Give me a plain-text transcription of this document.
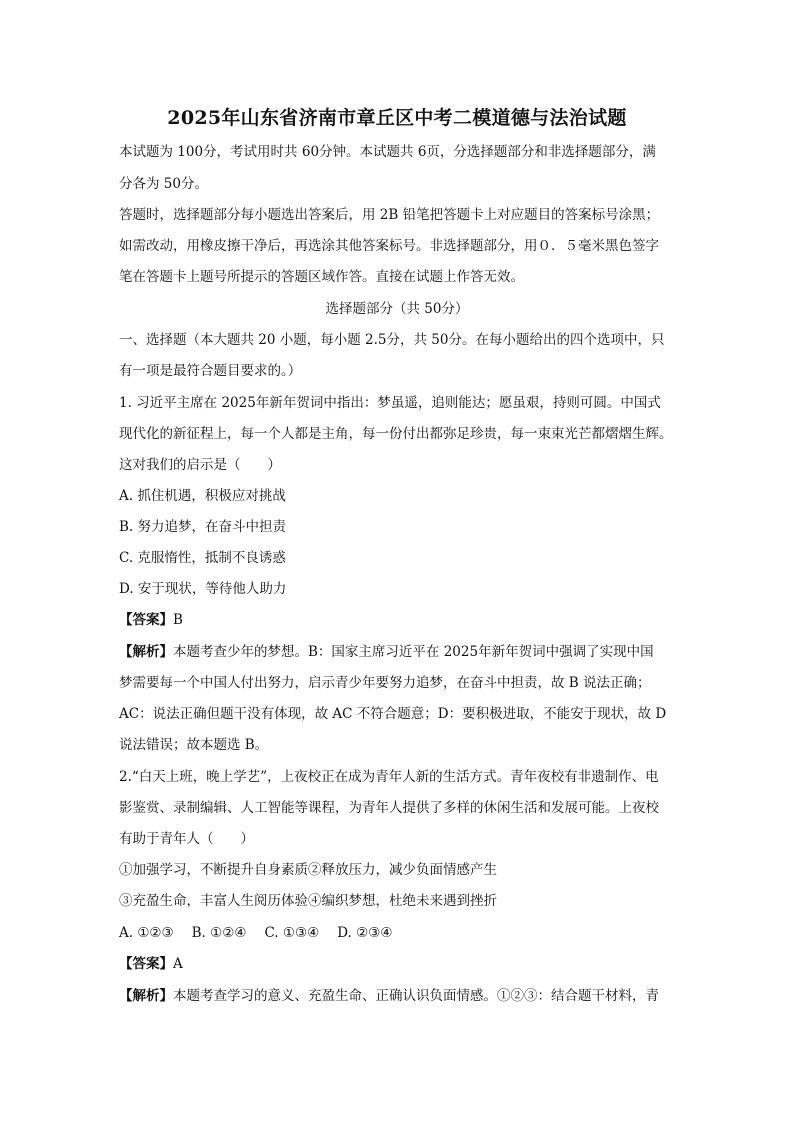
2025年山东省济南市章丘区中考二模道德与法治试题
本试题为 100分，考试用时共 60分钟。本试题共 6页，分选择题部分和非选择题部分，满
分各为 50分。
答题时，选择题部分每小题选出答案后，用 2B 铅笔把答题卡上对应题目的答案标号涂黑；
如需改动，用橡皮擦干净后，再选涂其他答案标号。非选择题部分，用０．５毫米黑色签字
笔在答题卡上题号所提示的答题区域作答。直接在试题上作答无效。
选择题部分（共 50分）
一、选择题（本大题共 20 小题，每小题 2.5分，共 50分。在每小题给出的四个选项中，只
有一项是最符合题目要求的。）
1. 习近平主席在 2025年新年贺词中指出：梦虽遥，追则能达；愿虽艰，持则可圆。中国式
现代化的新征程上，每一个人都是主角，每一份付出都弥足珍贵，每一束束光芒都熠熠生辉。
这对我们的启示是（　　）
A. 抓住机遇，积极应对挑战
B. 努力追梦，在奋斗中担责
C. 克服惰性，抵制不良诱惑
D. 安于现状，等待他人助力
【答案】B
【解析】本题考查少年的梦想。B：国家主席习近平在 2025年新年贺词中强调了实现中国
梦需要每一个中国人付出努力，启示青少年要努力追梦，在奋斗中担责，故 B 说法正确；
AC：说法正确但题干没有体现，故 AC 不符合题意；D：要积极进取，不能安于现状，故 D
说法错误；故本题选 B。
2.“白天上班，晚上学艺”，上夜校正在成为青年人新的生活方式。青年夜校有非遗制作、电
影鉴赏、录制编辑、人工智能等课程，为青年人提供了多样的休闲生活和发展可能。上夜校
有助于青年人（　　）
①加强学习，不断提升自身素质②释放压力，减少负面情感产生
③充盈生命，丰富人生阅历体验④编织梦想，杜绝未来遇到挫折
A. ①②③ B. ①②④ C. ①③④ D. ②③④
【答案】A
【解析】本题考查学习的意义、充盈生命、正确认识负面情感。①②③：结合题干材料，青
